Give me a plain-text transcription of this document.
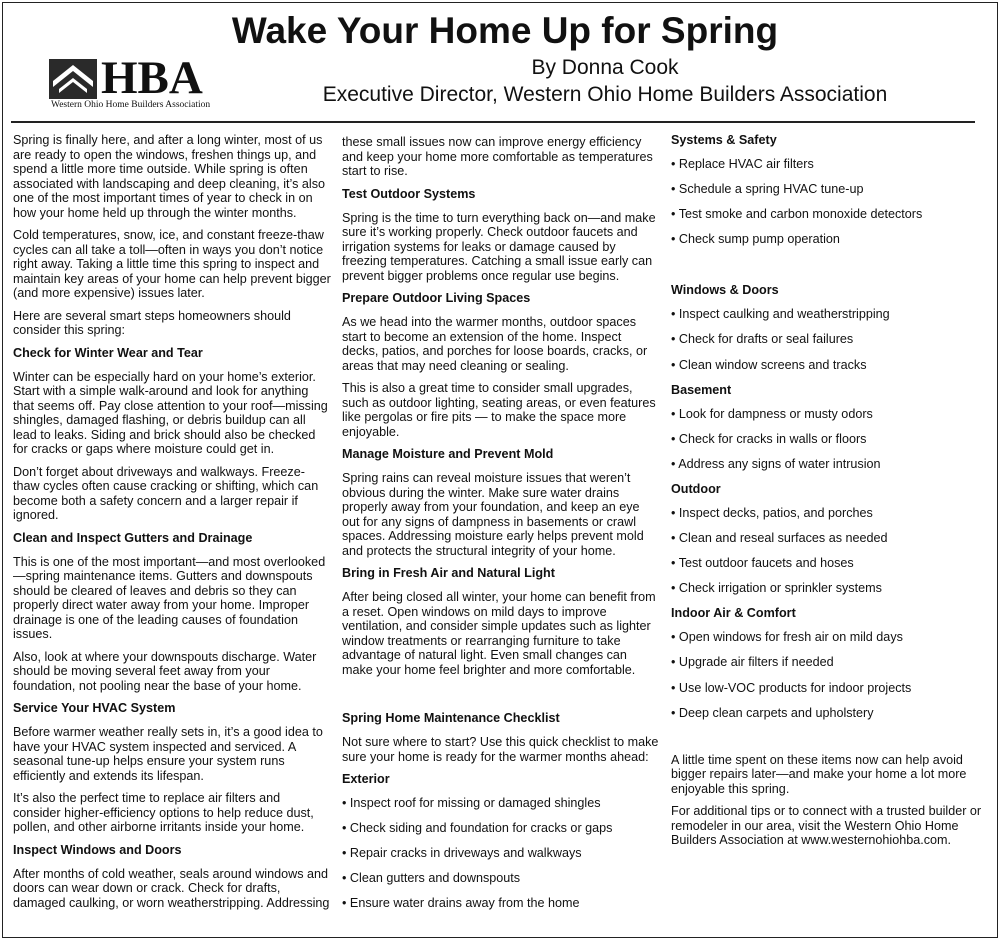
Wake Your Home Up for Spring
HBA
Western Ohio Home Builders Association
By Donna Cook
Executive Director, Western Ohio Home Builders Association

Spring is finally here, and after a long winter, most of us are ready to open the windows, freshen things up, and spend a little more time outside. While spring is often associated with landscaping and deep cleaning, it’s also one of the most important times of year to check in on how your home held up through the winter months.

Cold temperatures, snow, ice, and constant freeze-thaw cycles can all take a toll—often in ways you don’t notice right away. Taking a little time this spring to inspect and maintain key areas of your home can help prevent bigger (and more expensive) issues later.

Here are several smart steps homeowners should consider this spring:

Check for Winter Wear and Tear

Winter can be especially hard on your home’s exterior. Start with a simple walk-around and look for anything that seems off. Pay close attention to your roof—missing shingles, damaged flashing, or debris buildup can all lead to leaks. Siding and brick should also be checked for cracks or gaps where moisture could get in.

Don’t forget about driveways and walkways. Freeze-thaw cycles often cause cracking or shifting, which can become both a safety concern and a larger repair if ignored.

Clean and Inspect Gutters and Drainage

This is one of the most important—and most overlooked—spring maintenance items. Gutters and downspouts should be cleared of leaves and debris so they can properly direct water away from your home. Improper drainage is one of the leading causes of foundation issues.

Also, look at where your downspouts discharge. Water should be moving several feet away from your foundation, not pooling near the base of your home.

Service Your HVAC System

Before warmer weather really sets in, it’s a good idea to have your HVAC system inspected and serviced. A seasonal tune-up helps ensure your system runs efficiently and extends its lifespan.

It’s also the perfect time to replace air filters and consider higher-efficiency options to help reduce dust, pollen, and other airborne irritants inside your home.

Inspect Windows and Doors

After months of cold weather, seals around windows and doors can wear down or crack. Check for drafts, damaged caulking, or worn weatherstripping. Addressing

these small issues now can improve energy efficiency and keep your home more comfortable as temperatures start to rise.

Test Outdoor Systems

Spring is the time to turn everything back on—and make sure it’s working properly. Check outdoor faucets and irrigation systems for leaks or damage caused by freezing temperatures. Catching a small issue early can prevent bigger problems once regular use begins.

Prepare Outdoor Living Spaces

As we head into the warmer months, outdoor spaces start to become an extension of the home. Inspect decks, patios, and porches for loose boards, cracks, or areas that may need cleaning or sealing.

This is also a great time to consider small upgrades, such as outdoor lighting, seating areas, or even features like pergolas or fire pits — to make the space more enjoyable.

Manage Moisture and Prevent Mold

Spring rains can reveal moisture issues that weren’t obvious during the winter. Make sure water drains properly away from your foundation, and keep an eye out for any signs of dampness in basements or crawl spaces. Addressing moisture early helps prevent mold and protects the structural integrity of your home.

Bring in Fresh Air and Natural Light

After being closed all winter, your home can benefit from a reset. Open windows on mild days to improve ventilation, and consider simple updates such as lighter window treatments or rearranging furniture to take advantage of natural light. Even small changes can make your home feel brighter and more comfortable.

Spring Home Maintenance Checklist

Not sure where to start? Use this quick checklist to make sure your home is ready for the warmer months ahead:

Exterior
• Inspect roof for missing or damaged shingles
• Check siding and foundation for cracks or gaps
• Repair cracks in driveways and walkways
• Clean gutters and downspouts
• Ensure water drains away from the home
Systems & Safety
• Replace HVAC air filters
• Schedule a spring HVAC tune-up
• Test smoke and carbon monoxide detectors
• Check sump pump operation
Windows & Doors
• Inspect caulking and weatherstripping
• Check for drafts or seal failures
• Clean window screens and tracks
Basement
• Look for dampness or musty odors
• Check for cracks in walls or floors
• Address any signs of water intrusion
Outdoor
• Inspect decks, patios, and porches
• Clean and reseal surfaces as needed
• Test outdoor faucets and hoses
• Check irrigation or sprinkler systems
Indoor Air & Comfort
• Open windows for fresh air on mild days
• Upgrade air filters if needed
• Use low-VOC products for indoor projects
• Deep clean carpets and upholstery

A little time spent on these items now can help avoid bigger repairs later—and make your home a lot more enjoyable this spring.

For additional tips or to connect with a trusted builder or remodeler in our area, visit the Western Ohio Home Builders Association at www.westernohiohba.com.
